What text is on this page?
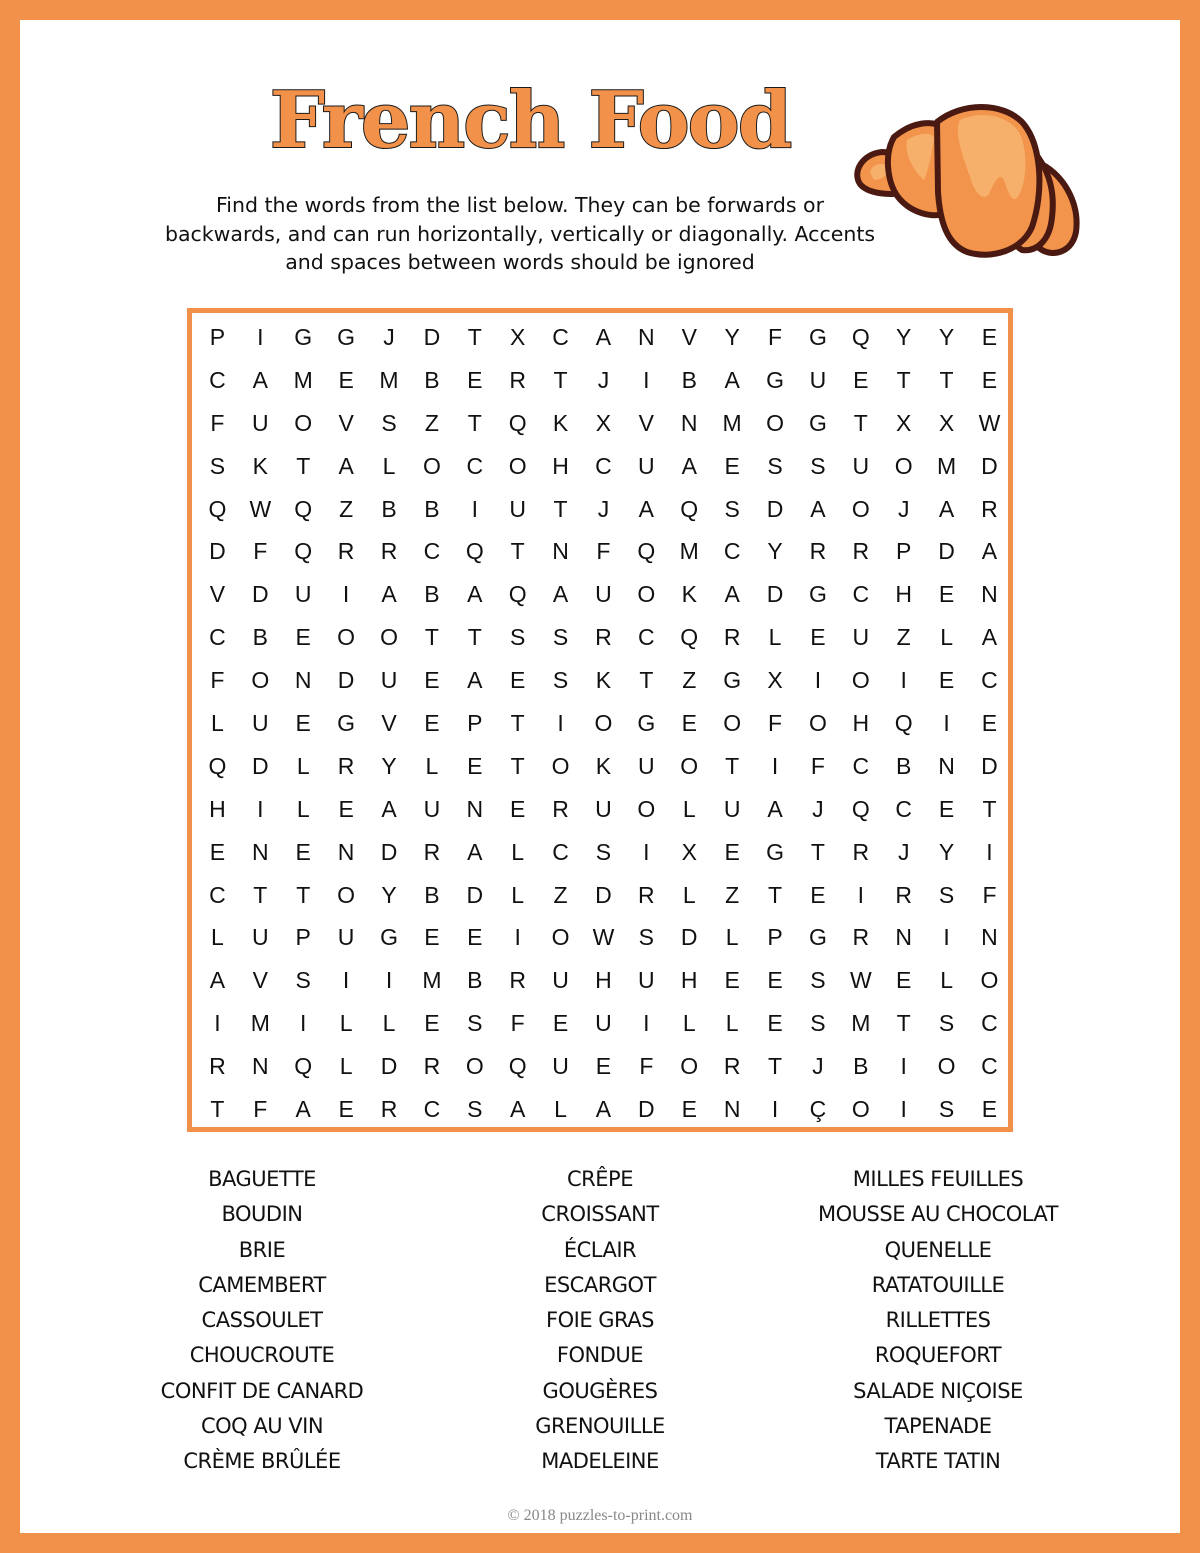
French Food
Find the words from the list below. They can be forwards or backwards, and can run horizontally, vertically or diagonally. Accents and spaces between words should be ignored
P	I	G	G	J	D	T	X	C	A	N	V	Y	F	G	Q	Y	Y	E
C	A	M	E	M	B	E	R	T	J	I	B	A	G	U	E	T	T	E
F	U	O	V	S	Z	T	Q	K	X	V	N	M	O	G	T	X	X	W
S	K	T	A	L	O	C	O	H	C	U	A	E	S	S	U	O	M	D
Q	W	Q	Z	B	B	I	U	T	J	A	Q	S	D	A	O	J	A	R
D	F	Q	R	R	C	Q	T	N	F	Q	M	C	Y	R	R	P	D	A
V	D	U	I	A	B	A	Q	A	U	O	K	A	D	G	C	H	E	N
C	B	E	O	O	T	T	S	S	R	C	Q	R	L	E	U	Z	L	A
F	O	N	D	U	E	A	E	S	K	T	Z	G	X	I	O	I	E	C
L	U	E	G	V	E	P	T	I	O	G	E	O	F	O	H	Q	I	E
Q	D	L	R	Y	L	E	T	O	K	U	O	T	I	F	C	B	N	D
H	I	L	E	A	U	N	E	R	U	O	L	U	A	J	Q	C	E	T
E	N	E	N	D	R	A	L	C	S	I	X	E	G	T	R	J	Y	I
C	T	T	O	Y	B	D	L	Z	D	R	L	Z	T	E	I	R	S	F
L	U	P	U	G	E	E	I	O	W	S	D	L	P	G	R	N	I	N
A	V	S	I	I	M	B	R	U	H	U	H	E	E	S	W	E	L	O
I	M	I	L	L	E	S	F	E	U	I	L	L	E	S	M	T	S	C
R	N	Q	L	D	R	O	Q	U	E	F	O	R	T	J	B	I	O	C
T	F	A	E	R	C	S	A	L	A	D	E	N	I	Ç	O	I	S	E
BAGUETTE
BOUDIN
BRIE
CAMEMBERT
CASSOULET
CHOUCROUTE
CONFIT DE CANARD
COQ AU VIN
CRÈME BRÛLÉE
CRÊPE
CROISSANT
ÉCLAIR
ESCARGOT
FOIE GRAS
FONDUE
GOUGÈRES
GRENOUILLE
MADELEINE
MILLES FEUILLES
MOUSSE AU CHOCOLAT
QUENELLE
RATATOUILLE
RILLETTES
ROQUEFORT
SALADE NIÇOISE
TAPENADE
TARTE TATIN
© 2018 puzzles-to-print.com
